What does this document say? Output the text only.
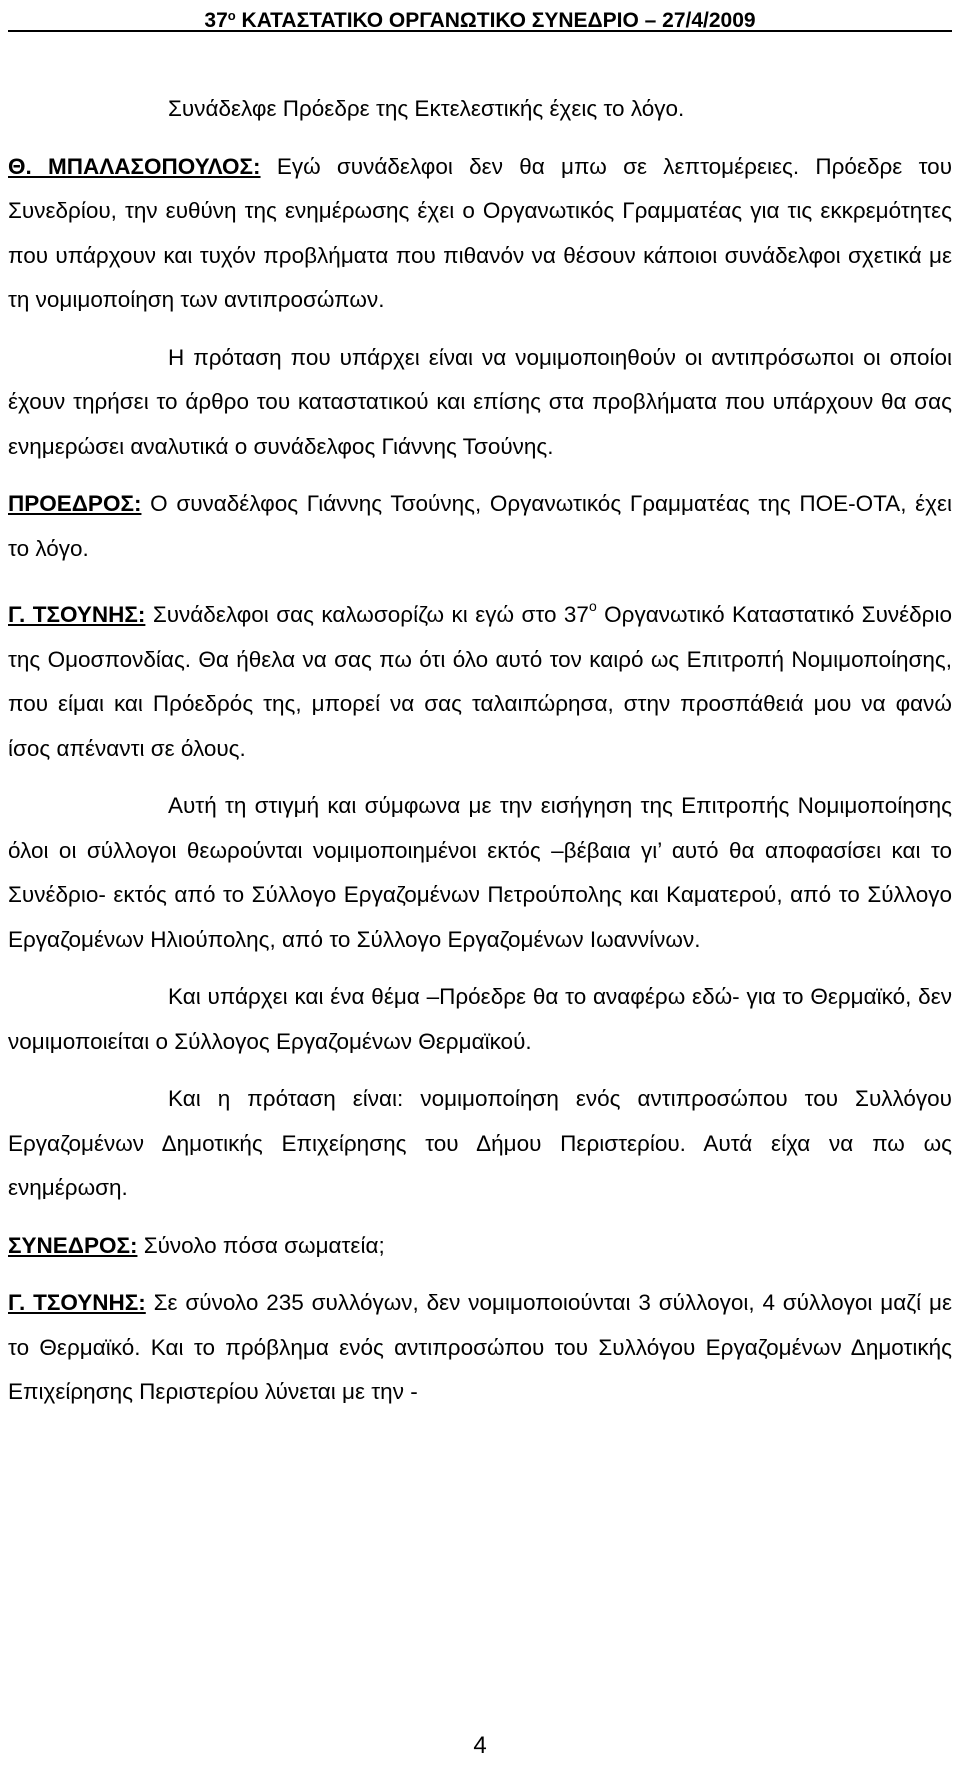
$37^o$ ΚΑΤΑΣΤΑΤΙΚΟ ΟΡΓΑΝΩΤΙΚΟ ΣΥΝΕΔΡΙΟ – 27/4/2009

Συνάδελφε Πρόεδρε της Εκτελεστικής έχεις το λόγο.

Θ. ΜΠΑΛΑΣΟΠΟΥΛΟΣ: Εγώ συνάδελφοι δεν θα μπω σε λεπτομέρειες. Πρόεδρε του Συνεδρίου, την ευθύνη της ενημέρωσης έχει ο Οργανωτικός Γραμματέας για τις εκκρεμότητες που υπάρχουν και τυχόν προβλήματα που πιθανόν να θέσουν κάποιοι συνάδελφοι σχετικά με τη νομιμοποίηση των αντιπροσώπων.

Η πρόταση που υπάρχει είναι να νομιμοποιηθούν οι αντιπρόσωποι οι οποίοι έχουν τηρήσει το άρθρο του καταστατικού και επίσης στα προβλήματα που υπάρχουν θα σας ενημερώσει αναλυτικά ο συνάδελφος Γιάννης Τσούνης.

ΠΡΟΕΔΡΟΣ: Ο συναδέλφος Γιάννης Τσούνης, Οργανωτικός Γραμματέας της ΠΟΕ-ΟΤΑ, έχει το λόγο.

Γ. ΤΣΟΥΝΗΣ: Συνάδελφοι σας καλωσορίζω κι εγώ στο $37^o$ Οργανωτικό Καταστατικό Συνέδριο της Ομοσπονδίας. Θα ήθελα να σας πω ότι όλο αυτό τον καιρό ως Επιτροπή Νομιμοποίησης, που είμαι και Πρόεδρός της, μπορεί να σας ταλαιπώρησα, στην προσπάθειά μου να φανώ ίσος απέναντι σε όλους.

Αυτή τη στιγμή και σύμφωνα με την εισήγηση της Επιτροπής Νομιμοποίησης όλοι οι σύλλογοι θεωρούνται νομιμοποιημένοι εκτός –βέβαια γι’ αυτό θα αποφασίσει και το Συνέδριο- εκτός από το Σύλλογο Εργαζομένων Πετρούπολης και Καματερού, από το Σύλλογο Εργαζομένων Ηλιούπολης, από το Σύλλογο Εργαζομένων Ιωαννίνων.

Και υπάρχει και ένα θέμα –Πρόεδρε θα το αναφέρω εδώ- για το Θερμαϊκό, δεν νομιμοποιείται ο Σύλλογος Εργαζομένων Θερμαϊκού.

Και η πρόταση είναι: νομιμοποίηση ενός αντιπροσώπου του Συλλόγου Εργαζομένων Δημοτικής Επιχείρησης του Δήμου Περιστερίου. Αυτά είχα να πω ως ενημέρωση.

ΣΥΝΕΔΡΟΣ: Σύνολο πόσα σωματεία;

Γ. ΤΣΟΥΝΗΣ: Σε σύνολο 235 συλλόγων, δεν νομιμοποιούνται 3 σύλλογοι, 4 σύλλογοι μαζί με το Θερμαϊκό. Και το πρόβλημα ενός αντιπροσώπου του Συλλόγου Εργαζομένων Δημοτικής Επιχείρησης Περιστερίου λύνεται με την -

4
